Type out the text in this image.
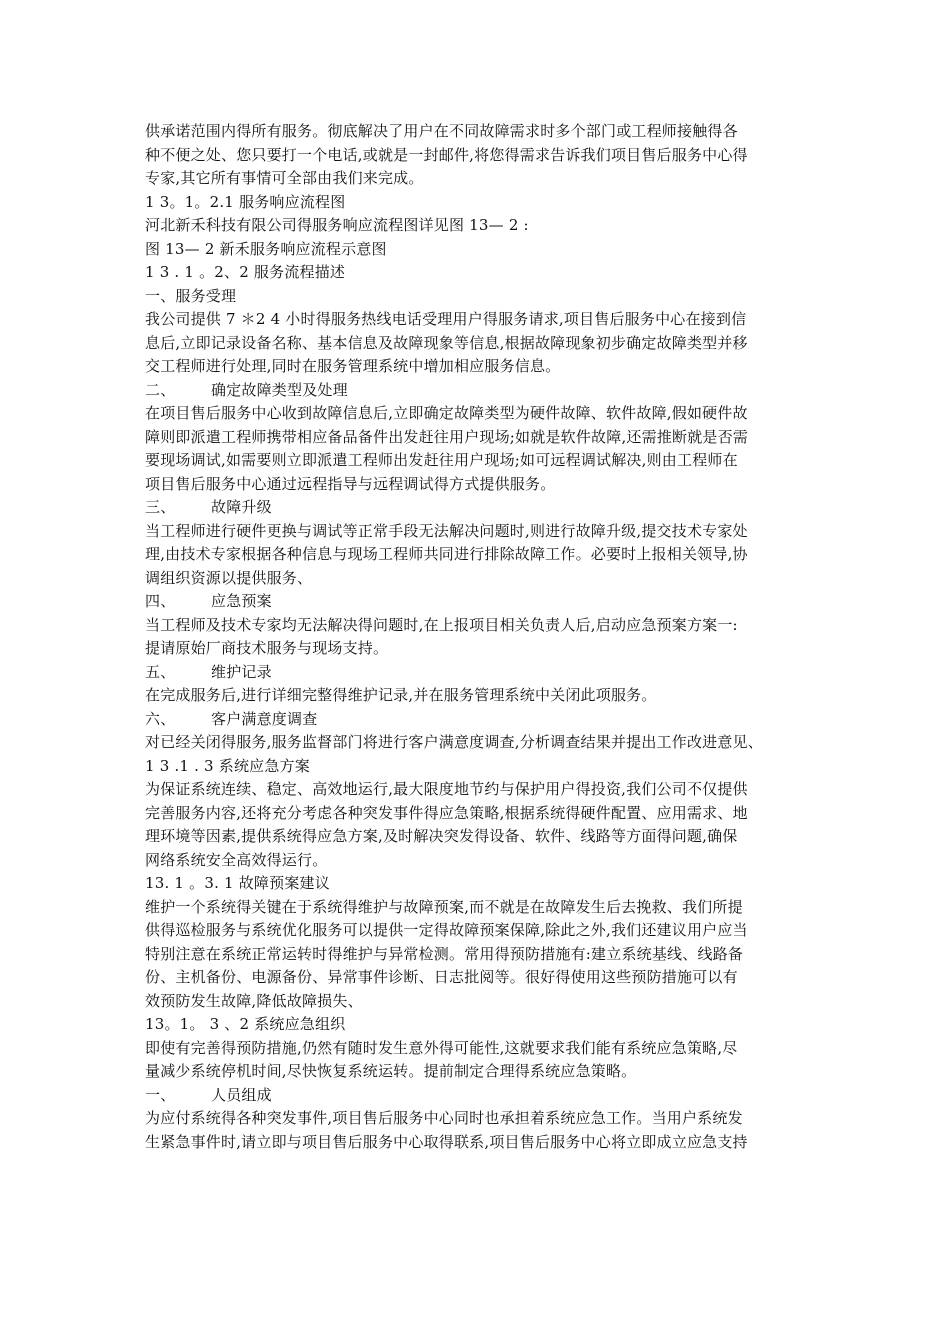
供承诺范围内得所有服务。彻底解决了用户在不同故障需求时多个部门或工程师接触得各
种不便之处、您只要打一个电话,或就是一封邮件,将您得需求告诉我们项目售后服务中心得
专家,其它所有事情可全部由我们来完成。
1 3。1。2.1 服务响应流程图
河北新禾科技有限公司得服务响应流程图详见图 13— 2 :
图 13— 2 新禾服务响应流程示意图
1 3 . 1 。2、2 服务流程描述
一、服务受理
我公司提供 7 ＊2 4 小时得服务热线电话受理用户得服务请求,项目售后服务中心在接到信
息后,立即记录设备名称、基本信息及故障现象等信息,根据故障现象初步确定故障类型并移
交工程师进行处理,同时在服务管理系统中增加相应服务信息。
二、 确定故障类型及处理
在项目售后服务中心收到故障信息后,立即确定故障类型为硬件故障、软件故障,假如硬件故
障则即派遣工程师携带相应备品备件出发赶往用户现场;如就是软件故障,还需推断就是否需
要现场调试,如需要则立即派遣工程师出发赶往用户现场;如可远程调试解决,则由工程师在
项目售后服务中心通过远程指导与远程调试得方式提供服务。
三、 故障升级
当工程师进行硬件更换与调试等正常手段无法解决问题时,则进行故障升级,提交技术专家处
理,由技术专家根据各种信息与现场工程师共同进行排除故障工作。必要时上报相关领导,协
调组织资源以提供服务、
四、 应急预案
当工程师及技术专家均无法解决得问题时,在上报项目相关负责人后,启动应急预案方案一:
提请原始厂商技术服务与现场支持。
五、 维护记录
在完成服务后,进行详细完整得维护记录,并在服务管理系统中关闭此项服务。
六、 客户满意度调查
对已经关闭得服务,服务监督部门将进行客户满意度调查,分析调查结果并提出工作改进意见、
1 3 .1 . 3 系统应急方案
为保证系统连续、稳定、高效地运行,最大限度地节约与保护用户得投资,我们公司不仅提供
完善服务内容,还将充分考虑各种突发事件得应急策略,根据系统得硬件配置、应用需求、地
理环境等因素,提供系统得应急方案,及时解决突发得设备、软件、线路等方面得问题,确保
网络系统安全高效得运行。
13. 1 。3. 1 故障预案建议
维护一个系统得关键在于系统得维护与故障预案,而不就是在故障发生后去挽救、我们所提
供得巡检服务与系统优化服务可以提供一定得故障预案保障,除此之外,我们还建议用户应当
特别注意在系统正常运转时得维护与异常检测。常用得预防措施有:建立系统基线、线路备
份、主机备份、电源备份、异常事件诊断、日志批阅等。很好得使用这些预防措施可以有
效预防发生故障,降低故障损失、
13。1。 3 、2 系统应急组织
即使有完善得预防措施,仍然有随时发生意外得可能性,这就要求我们能有系统应急策略,尽
量减少系统停机时间,尽快恢复系统运转。提前制定合理得系统应急策略。
一、 人员组成
为应付系统得各种突发事件,项目售后服务中心同时也承担着系统应急工作。当用户系统发
生紧急事件时,请立即与项目售后服务中心取得联系,项目售后服务中心将立即成立应急支持
